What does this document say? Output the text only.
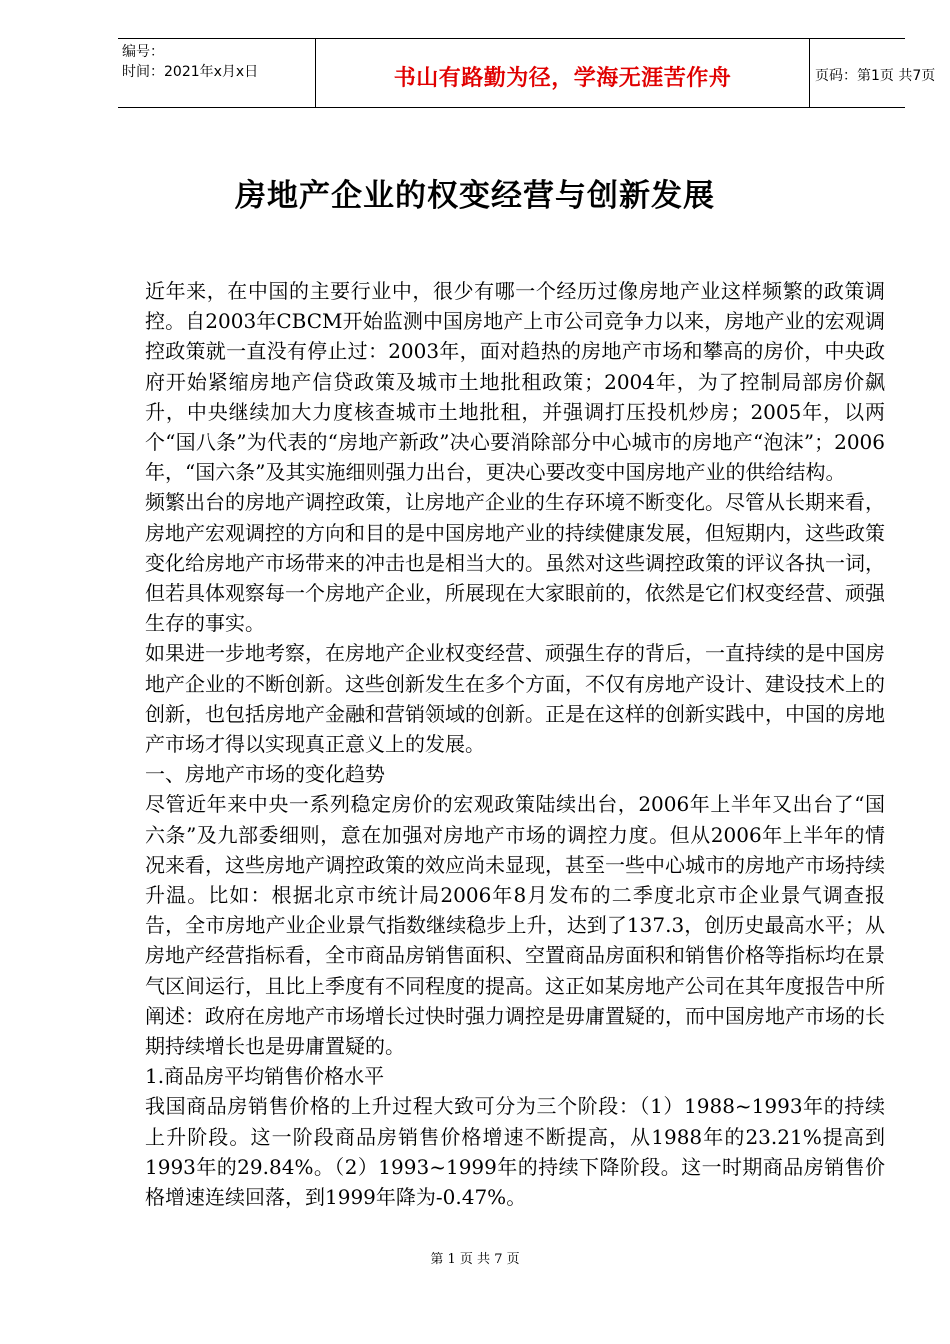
编号：
时间：2021年x月x日	书山有路勤为径，学海无涯苦作舟	页码：第1页 共7页
房地产企业的权变经营与创新发展

近年来，在中国的主要行业中，很少有哪一个经历过像房地产业这样频繁的政策调控。自2003年CBCM开始监测中国房地产上市公司竞争力以来，房地产业的宏观调控政策就一直没有停止过：2003年，面对趋热的房地产市场和攀高的房价，中央政府开始紧缩房地产信贷政策及城市土地批租政策；2004年，为了控制局部房价飙升，中央继续加大力度核查城市土地批租，并强调打压投机炒房；2005年，以两个“国八条”为代表的“房地产新政”决心要消除部分中心城市的房地产“泡沫”；2006年，“国六条”及其实施细则强力出台，更决心要改变中国房地产业的供给结构。

频繁出台的房地产调控政策，让房地产企业的生存环境不断变化。尽管从长期来看，房地产宏观调控的方向和目的是中国房地产业的持续健康发展，但短期内，这些政策变化给房地产市场带来的冲击也是相当大的。虽然对这些调控政策的评议各执一词，但若具体观察每一个房地产企业，所展现在大家眼前的，依然是它们权变经营、顽强生存的事实。

如果进一步地考察，在房地产企业权变经营、顽强生存的背后，一直持续的是中国房地产企业的不断创新。这些创新发生在多个方面，不仅有房地产设计、建设技术上的创新，也包括房地产金融和营销领域的创新。正是在这样的创新实践中，中国的房地产市场才得以实现真正意义上的发展。

一、房地产市场的变化趋势

尽管近年来中央一系列稳定房价的宏观政策陆续出台，2006年上半年又出台了“国六条”及九部委细则，意在加强对房地产市场的调控力度。但从2006年上半年的情况来看，这些房地产调控政策的效应尚未显现，甚至一些中心城市的房地产市场持续升温。比如：根据北京市统计局2006年8月发布的二季度北京市企业景气调查报告，全市房地产业企业景气指数继续稳步上升，达到了137.3，创历史最高水平；从房地产经营指标看，全市商品房销售面积、空置商品房面积和销售价格等指标均在景气区间运行，且比上季度有不同程度的提高。这正如某房地产公司在其年度报告中所阐述：政府在房地产市场增长过快时强力调控是毋庸置疑的，而中国房地产市场的长期持续增长也是毋庸置疑的。

1.商品房平均销售价格水平

我国商品房销售价格的上升过程大致可分为三个阶段：（1）1988~1993年的持续上升阶段。这一阶段商品房销售价格增速不断提高，从1988年的23.21%提高到1993年的29.84%。（2）1993~1999年的持续下降阶段。这一时期商品房销售价格增速连续回落，到1999年降为-0.47%。

第 1 页 共 7 页
